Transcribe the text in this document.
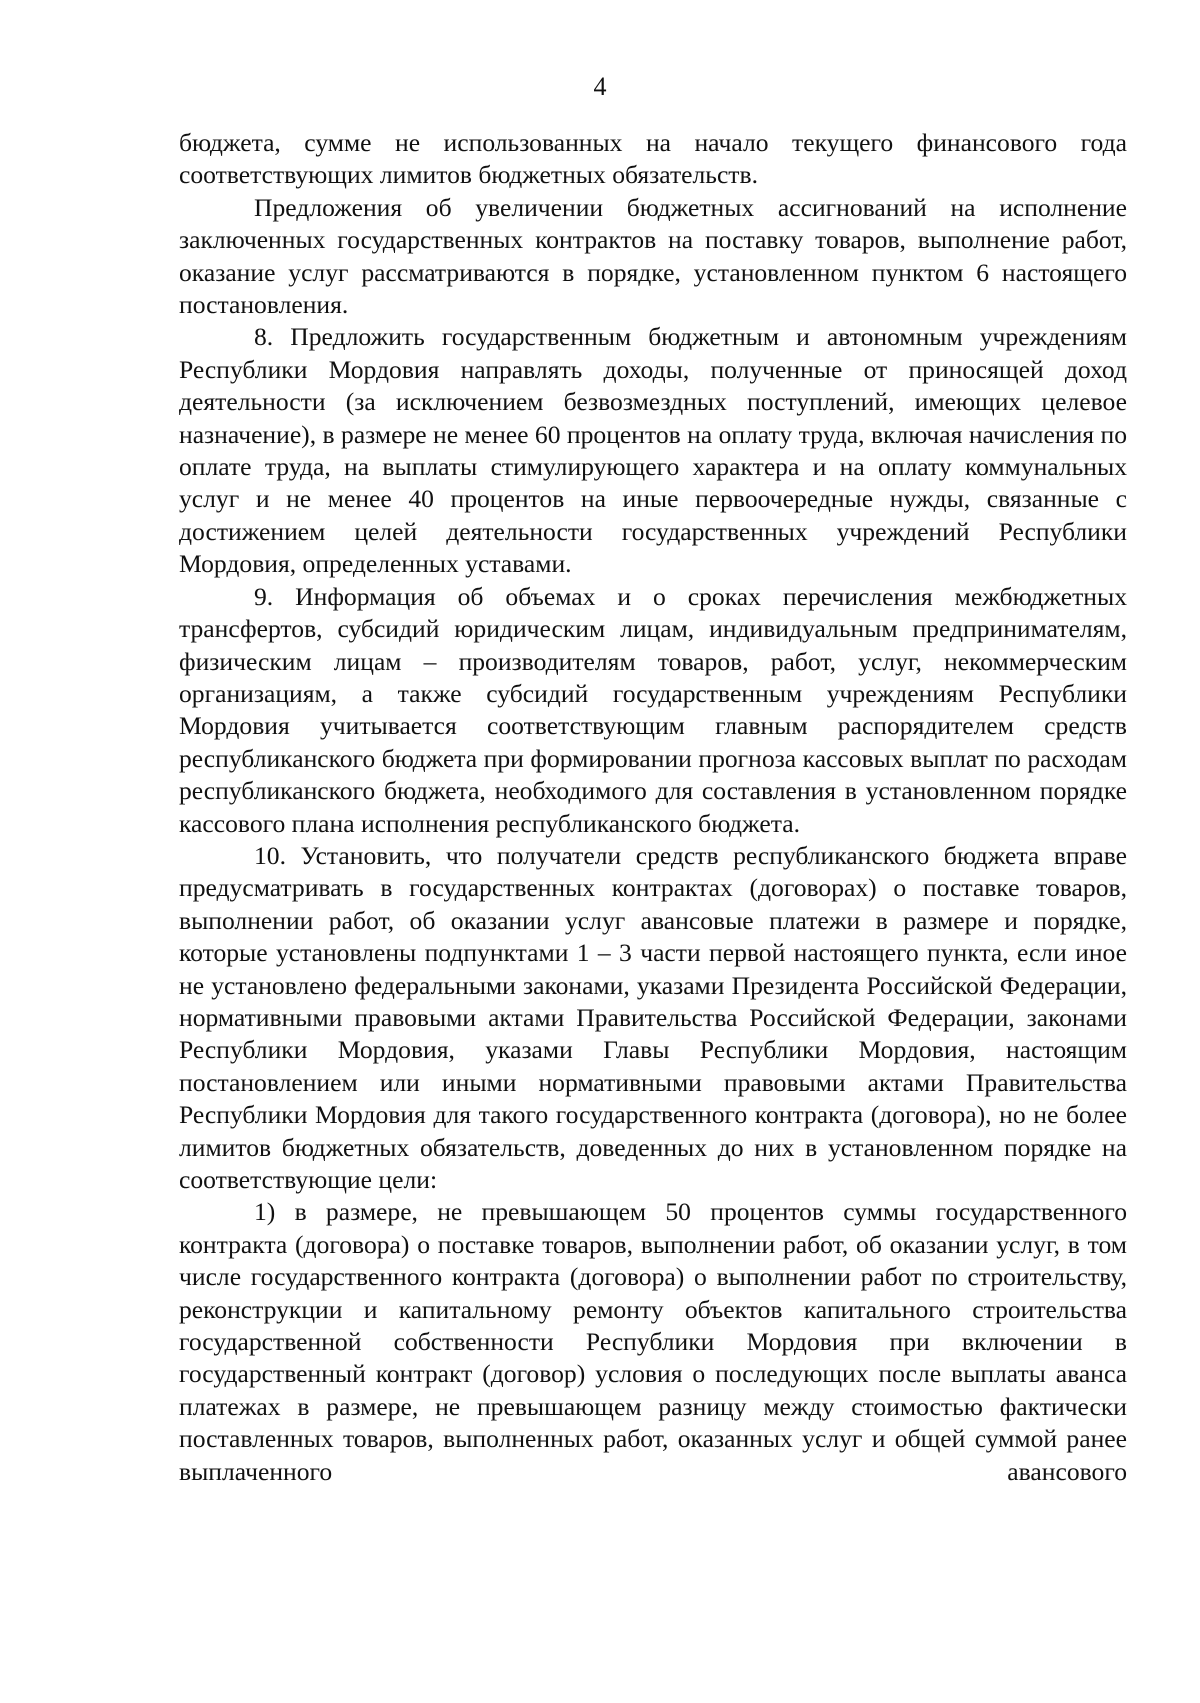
4

бюджета, сумме не использованных на начало текущего финансового года соответствующих лимитов бюджетных обязательств.

Предложения об увеличении бюджетных ассигнований на исполнение заключенных государственных контрактов на поставку товаров, выполнение работ, оказание услуг рассматриваются в порядке, установленном пунктом 6 настоящего постановления.

8. Предложить государственным бюджетным и автономным учреждениям Республики Мордовия направлять доходы, полученные от приносящей доход деятельности (за исключением безвозмездных поступлений, имеющих целевое назначение), в размере не менее 60 процентов на оплату труда, включая начисления по оплате труда, на выплаты стимулирующего характера и на оплату коммунальных услуг и не менее 40 процентов на иные первоочередные нужды, связанные с достижением целей деятельности государственных учреждений Республики Мордовия, определенных уставами.

9. Информация об объемах и о сроках перечисления межбюджетных трансфертов, субсидий юридическим лицам, индивидуальным предпринимателям, физическим лицам – производителям товаров, работ, услуг, некоммерческим организациям, а также субсидий государственным учреждениям Республики Мордовия учитывается соответствующим главным распорядителем средств республиканского бюджета при формировании прогноза кассовых выплат по расходам республиканского бюджета, необходимого для составления в установленном порядке кассового плана исполнения республиканского бюджета.

10. Установить, что получатели средств республиканского бюджета вправе предусматривать в государственных контрактах (договорах) о поставке товаров, выполнении работ, об оказании услуг авансовые платежи в размере и порядке, которые установлены подпунктами 1 – 3 части первой настоящего пункта, если иное не установлено федеральными законами, указами Президента Российской Федерации, нормативными правовыми актами Правительства Российской Федерации, законами Республики Мордовия, указами Главы Республики Мордовия, настоящим постановлением или иными нормативными правовыми актами Правительства Республики Мордовия для такого государственного контракта (договора), но не более лимитов бюджетных обязательств, доведенных до них в установленном порядке на соответствующие цели:

1) в размере, не превышающем 50 процентов суммы государственного контракта (договора) о поставке товаров, выполнении работ, об оказании услуг, в том числе государственного контракта (договора) о выполнении работ по строительству, реконструкции и капитальному ремонту объектов капитального строительства государственной собственности Республики Мордовия при включении в государственный контракт (договор) условия о последующих после выплаты аванса платежах в размере, не превышающем разницу между стоимостью фактически поставленных товаров, выполненных работ, оказанных услуг и общей суммой ранее выплаченного авансового
